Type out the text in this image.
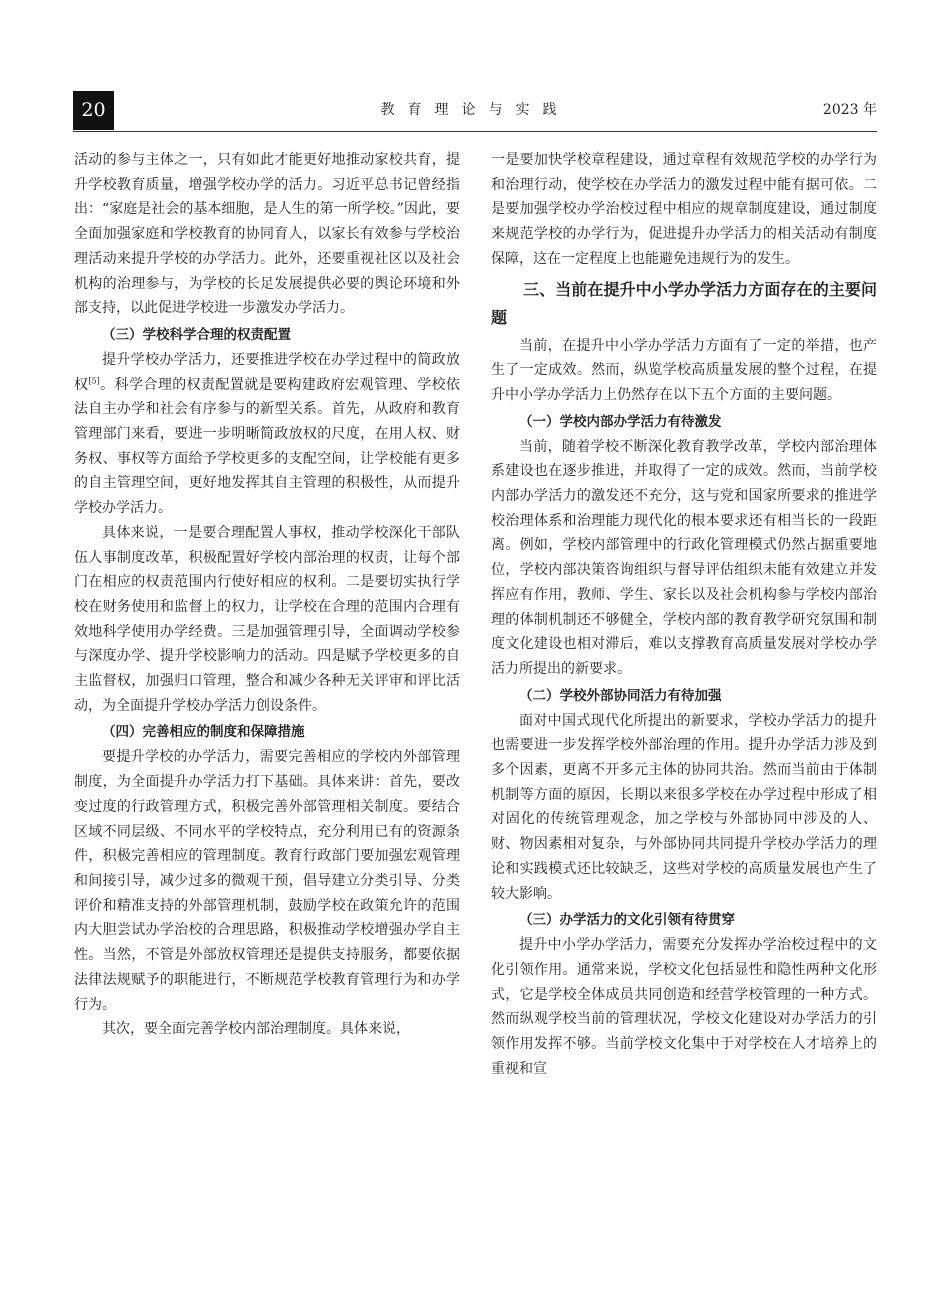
20	教育理论与实践	2023 年

活动的参与主体之一，只有如此才能更好地推动家校共育，提升学校教育质量，增强学校办学的活力。习近平总书记曾经指出：“家庭是社会的基本细胞，是人生的第一所学校。”因此，要全面加强家庭和学校教育的协同育人，以家长有效参与学校治理活动来提升学校的办学活力。此外，还要重视社区以及社会机构的治理参与，为学校的长足发展提供必要的舆论环境和外部支持，以此促进学校进一步激发办学活力。

（三）学校科学合理的权责配置

提升学校办学活力，还要推进学校在办学过程中的简政放权[5]。科学合理的权责配置就是要构建政府宏观管理、学校依法自主办学和社会有序参与的新型关系。首先，从政府和教育管理部门来看，要进一步明晰简政放权的尺度，在用人权、财务权、事权等方面给予学校更多的支配空间，让学校能有更多的自主管理空间，更好地发挥其自主管理的积极性，从而提升学校办学活力。

具体来说，一是要合理配置人事权，推动学校深化干部队伍人事制度改革，积极配置好学校内部治理的权责，让每个部门在相应的权责范围内行使好相应的权利。二是要切实执行学校在财务使用和监督上的权力，让学校在合理的范围内合理有效地科学使用办学经费。三是加强管理引导，全面调动学校参与深度办学、提升学校影响力的活动。四是赋予学校更多的自主监督权，加强归口管理，整合和减少各种无关评审和评比活动，为全面提升学校办学活力创设条件。

（四）完善相应的制度和保障措施

要提升学校的办学活力，需要完善相应的学校内外部管理制度，为全面提升办学活力打下基础。具体来讲：首先，要改变过度的行政管理方式，积极完善外部管理相关制度。要结合区域不同层级、不同水平的学校特点，充分利用已有的资源条件，积极完善相应的管理制度。教育行政部门要加强宏观管理和间接引导，减少过多的微观干预，倡导建立分类引导、分类评价和精准支持的外部管理机制，鼓励学校在政策允许的范围内大胆尝试办学治校的合理思路，积极推动学校增强办学自主性。当然，不管是外部放权管理还是提供支持服务，都要依据法律法规赋予的职能进行，不断规范学校教育管理行为和办学行为。

其次，要全面完善学校内部治理制度。具体来说，

一是要加快学校章程建设，通过章程有效规范学校的办学行为和治理行动，使学校在办学活力的激发过程中能有据可依。二是要加强学校办学治校过程中相应的规章制度建设，通过制度来规范学校的办学行为，促进提升办学活力的相关活动有制度保障，这在一定程度上也能避免违规行为的发生。

三、当前在提升中小学办学活力方面存在的主要问题

当前，在提升中小学办学活力方面有了一定的举措，也产生了一定成效。然而，纵览学校高质量发展的整个过程，在提升中小学办学活力上仍然存在以下五个方面的主要问题。

（一）学校内部办学活力有待激发

当前，随着学校不断深化教育教学改革，学校内部治理体系建设也在逐步推进，并取得了一定的成效。然而，当前学校内部办学活力的激发还不充分，这与党和国家所要求的推进学校治理体系和治理能力现代化的根本要求还有相当长的一段距离。例如，学校内部管理中的行政化管理模式仍然占据重要地位，学校内部决策咨询组织与督导评估组织未能有效建立并发挥应有作用，教师、学生、家长以及社会机构参与学校内部治理的体制机制还不够健全，学校内部的教育教学研究氛围和制度文化建设也相对滞后，难以支撑教育高质量发展对学校办学活力所提出的新要求。

（二）学校外部协同活力有待加强

面对中国式现代化所提出的新要求，学校办学活力的提升也需要进一步发挥学校外部治理的作用。提升办学活力涉及到多个因素，更离不开多元主体的协同共治。然而当前由于体制机制等方面的原因，长期以来很多学校在办学过程中形成了相对固化的传统管理观念，加之学校与外部协同中涉及的人、财、物因素相对复杂，与外部协同共同提升学校办学活力的理论和实践模式还比较缺乏，这些对学校的高质量发展也产生了较大影响。

（三）办学活力的文化引领有待贯穿

提升中小学办学活力，需要充分发挥办学治校过程中的文化引领作用。通常来说，学校文化包括显性和隐性两种文化形式，它是学校全体成员共同创造和经营学校管理的一种方式。然而纵观学校当前的管理状况，学校文化建设对办学活力的引领作用发挥不够。当前学校文化集中于对学校在人才培养上的重视和宣
